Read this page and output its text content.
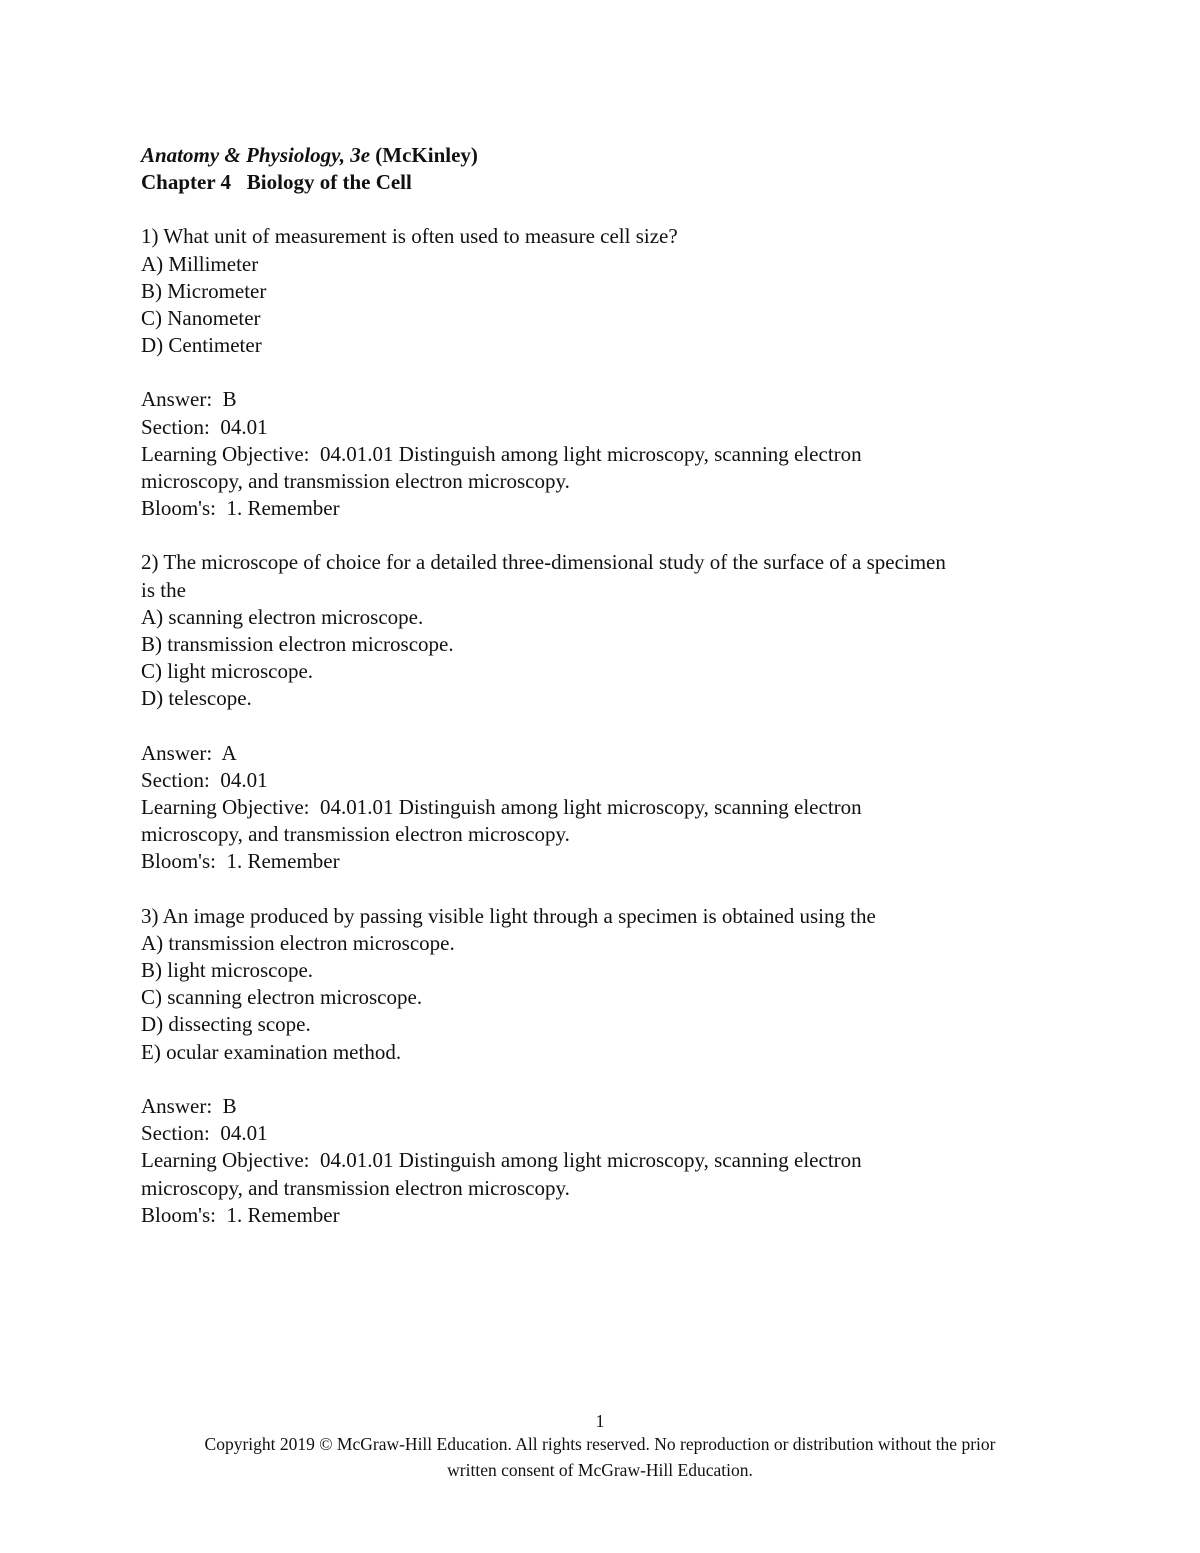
Anatomy & Physiology, 3e (McKinley)
Chapter 4   Biology of the Cell
1) What unit of measurement is often used to measure cell size?
A) Millimeter
B) Micrometer
C) Nanometer
D) Centimeter
Answer:  B
Section:  04.01
Learning Objective:  04.01.01 Distinguish among light microscopy, scanning electron
microscopy, and transmission electron microscopy.
Bloom's:  1. Remember
2) The microscope of choice for a detailed three-dimensional study of the surface of a specimen
is the
A) scanning electron microscope.
B) transmission electron microscope.
C) light microscope.
D) telescope.
Answer:  A
Section:  04.01
Learning Objective:  04.01.01 Distinguish among light microscopy, scanning electron
microscopy, and transmission electron microscopy.
Bloom's:  1. Remember
3) An image produced by passing visible light through a specimen is obtained using the
A) transmission electron microscope.
B) light microscope.
C) scanning electron microscope.
D) dissecting scope.
E) ocular examination method.
Answer:  B
Section:  04.01
Learning Objective:  04.01.01 Distinguish among light microscopy, scanning electron
microscopy, and transmission electron microscopy.
Bloom's:  1. Remember
1
Copyright 2019 © McGraw-Hill Education. All rights reserved. No reproduction or distribution without the prior
written consent of McGraw-Hill Education.
